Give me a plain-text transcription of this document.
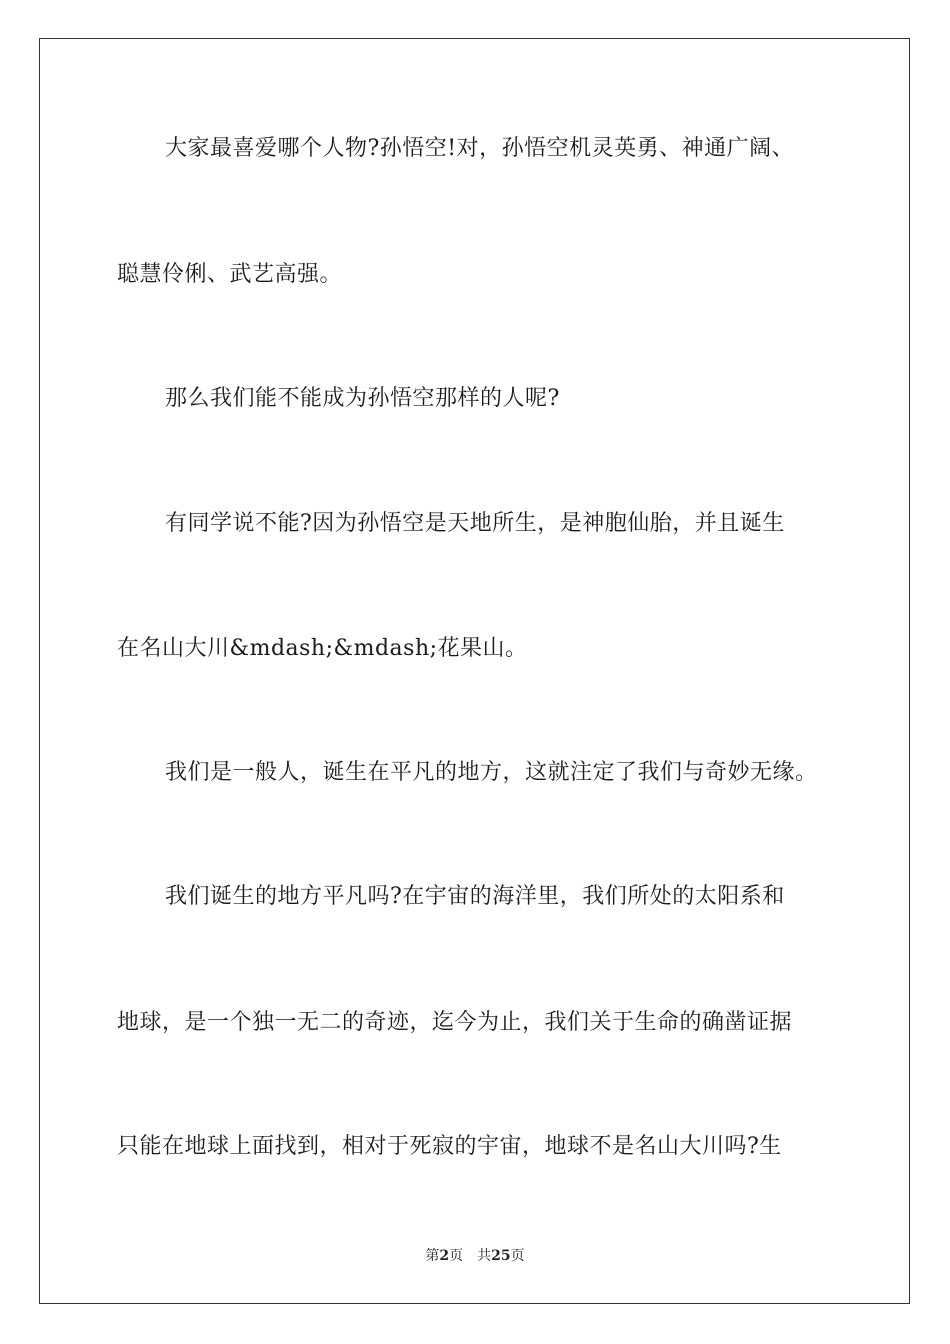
大家最喜爱哪个人物?孙悟空!对，孙悟空机灵英勇、神通广阔、
聪慧伶俐、武艺高强。
那么我们能不能成为孙悟空那样的人呢?
有同学说不能?因为孙悟空是天地所生，是神胞仙胎，并且诞生
在名山大川&mdash;&mdash;花果山。
我们是一般人，诞生在平凡的地方，这就注定了我们与奇妙无缘。
我们诞生的地方平凡吗?在宇宙的海洋里，我们所处的太阳系和
地球，是一个独一无二的奇迹，迄今为止，我们关于生命的确凿证据
只能在地球上面找到，相对于死寂的宇宙，地球不是名山大川吗?生
第2页 共25页
